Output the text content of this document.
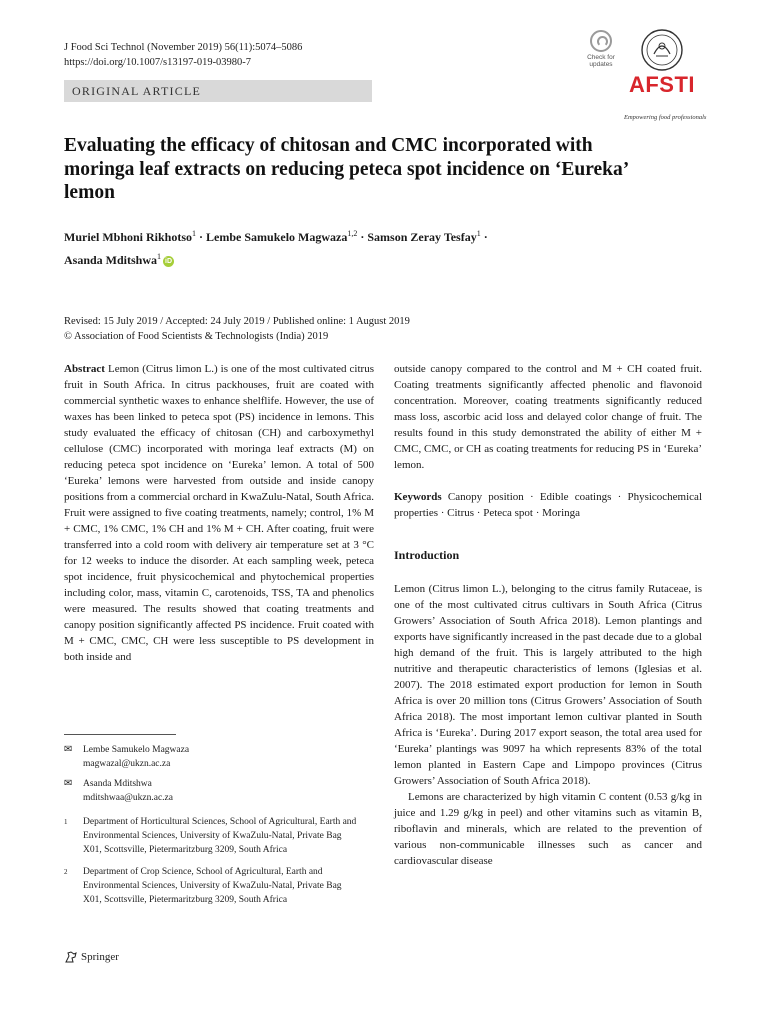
J Food Sci Technol (November 2019) 56(11):5074–5086
https://doi.org/10.1007/s13197-019-03980-7
ORIGINAL ARTICLE
Check for
updates
AFSTI
Empowering food professionals
Evaluating the efficacy of chitosan and CMC incorporated with moringa leaf extracts on reducing peteca spot incidence on ‘Eureka’ lemon
Muriel Mbhoni Rikhotso$^1$ · Lembe Samukelo Magwaza$^{1,2}$ · Samson Zeray Tesfay$^1$ ·
Asanda Mditshwa$^1$iD
Revised: 15 July 2019 / Accepted: 24 July 2019 / Published online: 1 August 2019
© Association of Food Scientists & Technologists (India) 2019

Abstract Lemon (Citrus limon L.) is one of the most cultivated citrus fruit in South Africa. In citrus packhouses, fruit are coated with commercial synthetic waxes to enhance shelflife. However, the use of waxes has been linked to peteca spot (PS) incidence in lemons. This study evaluated the efficacy of chitosan (CH) and carboxymethyl cellulose (CMC) incorporated with moringa leaf extracts (M) on reducing peteca spot incidence on ‘Eureka’ lemon. A total of 500 ‘Eureka’ lemons were harvested from outside and inside canopy positions from a commercial orchard in KwaZulu-Natal, South Africa. Fruit were assigned to five coating treatments, namely; control, 1% M + CMC, 1% CMC, 1% CH and 1% M + CH. After coating, fruit were transferred into a cold room with delivery air temperature set at 3 °C for 12 weeks to induce the disorder. At each sampling week, peteca spot incidence, fruit physicochemical and phytochemical properties including color, mass, vitamin C, carotenoids, TSS, TA and phenolics were measured. The results showed that coating treatments and canopy position significantly affected PS incidence. Fruit coated with M + CMC, CMC, CH were less susceptible to PS development in both inside and

outside canopy compared to the control and M + CH coated fruit. Coating treatments significantly affected phenolic and flavonoid concentration. Moreover, coating treatments significantly reduced mass loss, ascorbic acid loss and delayed color change of fruit. The results found in this study demonstrated the ability of either M + CMC, CMC, or CH as coating treatments for reducing PS in ‘Eureka’ lemon.

Keywords Canopy position · Edible coatings · Physicochemical properties · Citrus · Peteca spot · Moringa

Introduction

Lemon (Citrus limon L.), belonging to the citrus family Rutaceae, is one of the most cultivated citrus cultivars in South Africa (Citrus Growers’ Association of South Africa 2018). Lemon plantings and exports have significantly increased in the past decade due to a global high demand of the fruit. This is largely attributed to the high nutritive and therapeutic characteristics of lemons (Iglesias et al. 2007). The 2018 estimated export production for lemon in South Africa is over 20 million tons (Citrus Growers’ Association of South Africa 2018). The most important lemon cultivar planted in South Africa is ‘Eureka’. During 2017 export season, the total area used for ‘Eureka’ plantings was 9097 ha which represents 83% of the total lemon planted in Eastern Cape and Limpopo provinces (Citrus Growers’ Association of South Africa 2018).

Lemons are characterized by high vitamin C content (0.53 g/kg in juice and 1.29 g/kg in peel) and other vitamins such as vitamin B, riboflavin and minerals, which are related to the prevention of various non-communicable illnesses such as cancer and cardiovascular disease

✉	Lembe Samukelo Magwaza
magwazal@ukzn.ac.za
✉	Asanda Mditshwa
mditshwaa@ukzn.ac.za
1	Department of Horticultural Sciences, School of Agricultural, Earth and Environmental Sciences, University of KwaZulu-Natal, Private Bag X01, Scottsville, Pietermaritzburg 3209, South Africa
2	Department of Crop Science, School of Agricultural, Earth and Environmental Sciences, University of KwaZulu-Natal, Private Bag X01, Scottsville, Pietermaritzburg 3209, South Africa
Springer
